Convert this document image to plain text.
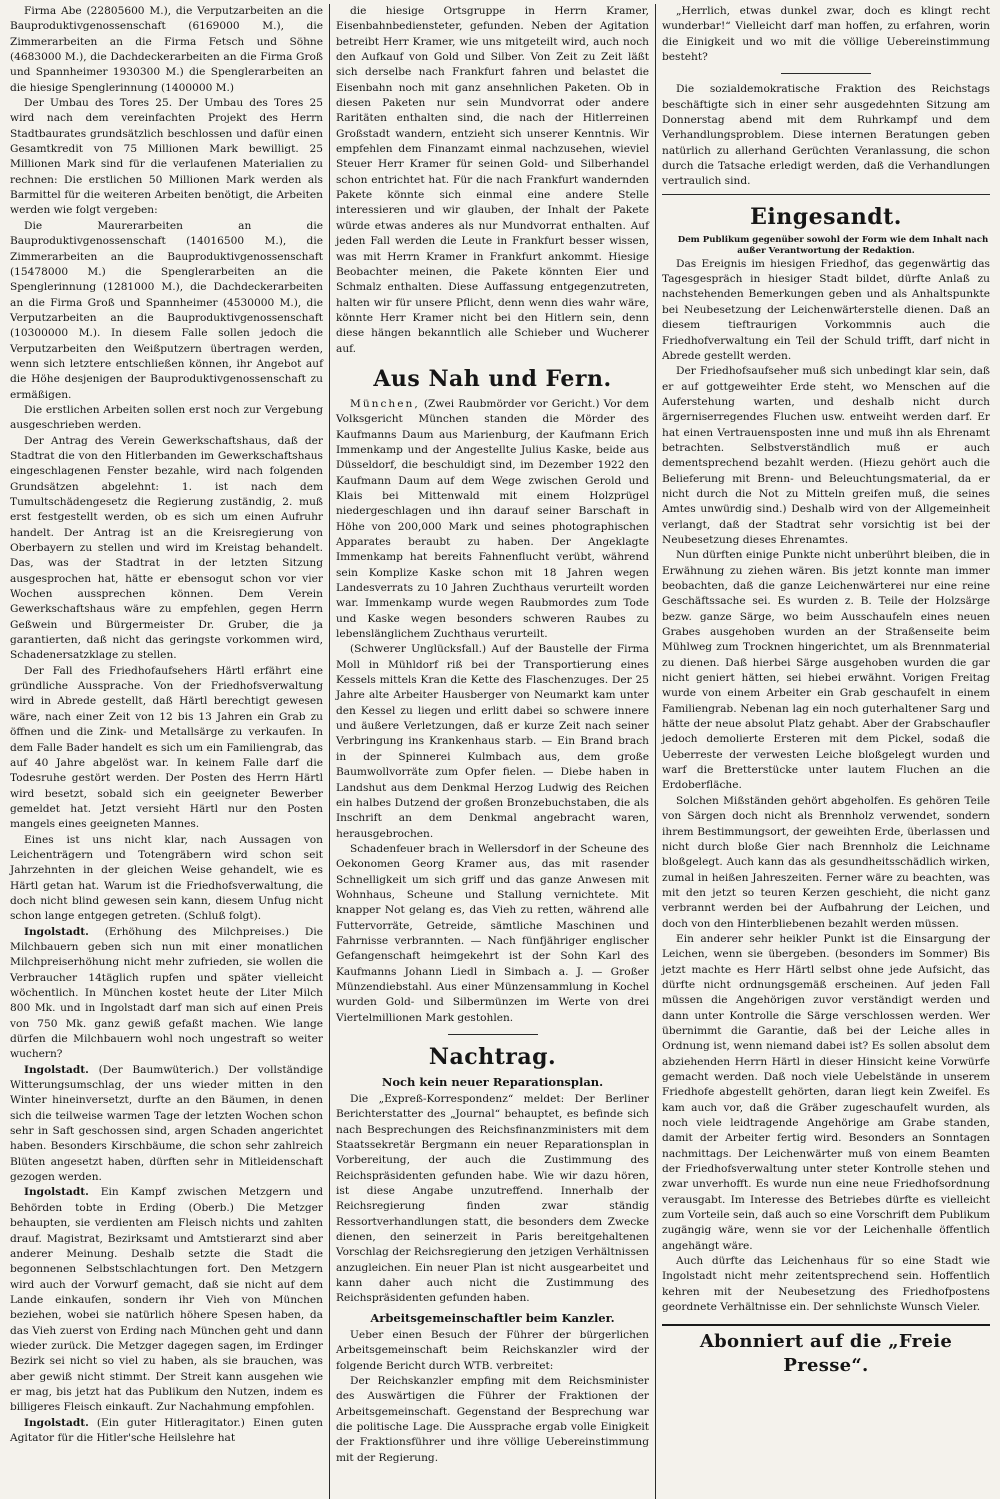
Firma Abe (22805600 M.), die Verputzarbeiten an die Bauproduktivgenossenschaft (6169000 M.), die Zimmerarbeiten an die Firma Fetsch und Söhne (4683000 M.), die Dachdeckerarbeiten an die Firma Groß und Spannheimer 1930300 M.) die Spenglerarbeiten an die hiesige Spenglerinnung (1400000 M.)

Der Umbau des Tores 25. Der Umbau des Tores 25 wird nach dem vereinfachten Projekt des Herrn Stadtbaurates grundsätzlich beschlossen und dafür einen Gesamtkredit von 75 Millionen Mark bewilligt. 25 Millionen Mark sind für die verlaufenen Materialien zu rechnen: Die erstlichen 50 Millionen Mark werden als Barmittel für die weiteren Arbeiten benötigt, die Arbeiten werden wie folgt vergeben:

Die Maurerarbeiten an die Bauproduktivgenossenschaft (14016500 M.), die Zimmerarbeiten an die Bauproduktivgenossenschaft (15478000 M.) die Spenglerarbeiten an die Spenglerinnung (1281000 M.), die Dachdeckerarbeiten an die Firma Groß und Spannheimer (4530000 M.), die Verputzarbeiten an die Bauproduktivgenossenschaft (10300000 M.). In diesem Falle sollen jedoch die Verputzarbeiten den Weißputzern übertragen werden, wenn sich letztere entschließen können, ihr Angebot auf die Höhe desjenigen der Bauproduktivgenossenschaft zu ermäßigen.

Die erstlichen Arbeiten sollen erst noch zur Vergebung ausgeschrieben werden.

Der Antrag des Verein Gewerkschaftshaus, daß der Stadtrat die von den Hitlerbanden im Gewerkschaftshaus eingeschlagenen Fenster bezahle, wird nach folgenden Grundsätzen abgelehnt: 1. ist nach dem Tumultschädengesetz die Regierung zuständig, 2. muß erst festgestellt werden, ob es sich um einen Aufruhr handelt. Der Antrag ist an die Kreisregierung von Oberbayern zu stellen und wird im Kreistag behandelt. Das, was der Stadtrat in der letzten Sitzung ausgesprochen hat, hätte er ebensogut schon vor vier Wochen aussprechen können. Dem Verein Gewerkschaftshaus wäre zu empfehlen, gegen Herrn Geßwein und Bürgermeister Dr. Gruber, die ja garantierten, daß nicht das geringste vorkommen wird, Schadenersatzklage zu stellen.

Der Fall des Friedhofaufsehers Härtl erfährt eine gründliche Aussprache. Von der Friedhofsverwaltung wird in Abrede gestellt, daß Härtl berechtigt gewesen wäre, nach einer Zeit von 12 bis 13 Jahren ein Grab zu öffnen und die Zink- und Metallsärge zu verkaufen. In dem Falle Bader handelt es sich um ein Familiengrab, das auf 40 Jahre abgelöst war. In keinem Falle darf die Todesruhe gestört werden. Der Posten des Herrn Härtl wird besetzt, sobald sich ein geeigneter Bewerber gemeldet hat. Jetzt versieht Härtl nur den Posten mangels eines geeigneten Mannes.

Eines ist uns nicht klar, nach Aussagen von Leichenträgern und Totengräbern wird schon seit Jahrzehnten in der gleichen Weise gehandelt, wie es Härtl getan hat. Warum ist die Friedhofsverwaltung, die doch nicht blind gewesen sein kann, diesem Unfug nicht schon lange entgegen getreten. (Schluß folgt).

Ingolstadt. (Erhöhung des Milchpreises.) Die Milchbauern geben sich nun mit einer monatlichen Milchpreiserhöhung nicht mehr zufrieden, sie wollen die Verbraucher 14täglich rupfen und später vielleicht wöchentlich. In München kostet heute der Liter Milch 800 Mk. und in Ingolstadt darf man sich auf einen Preis von 750 Mk. ganz gewiß gefaßt machen. Wie lange dürfen die Milchbauern wohl noch ungestraft so weiter wuchern?

Ingolstadt. (Der Baumwüterich.) Der vollständige Witterungsumschlag, der uns wieder mitten in den Winter hineinversetzt, durfte an den Bäumen, in denen sich die teilweise warmen Tage der letzten Wochen schon sehr in Saft geschossen sind, argen Schaden angerichtet haben. Besonders Kirschbäume, die schon sehr zahlreich Blüten angesetzt haben, dürften sehr in Mitleidenschaft gezogen werden.

Ingolstadt. Ein Kampf zwischen Metzgern und Behörden tobte in Erding (Oberb.) Die Metzger behaupten, sie verdienten am Fleisch nichts und zahlten drauf. Magistrat, Bezirksamt und Amtstierarzt sind aber anderer Meinung. Deshalb setzte die Stadt die begonnenen Selbstschlachtungen fort. Den Metzgern wird auch der Vorwurf gemacht, daß sie nicht auf dem Lande einkaufen, sondern ihr Vieh von München beziehen, wobei sie natürlich höhere Spesen haben, da das Vieh zuerst von Erding nach München geht und dann wieder zurück. Die Metzger dagegen sagen, im Erdinger Bezirk sei nicht so viel zu haben, als sie brauchen, was aber gewiß nicht stimmt. Der Streit kann ausgehen wie er mag, bis jetzt hat das Publikum den Nutzen, indem es billigeres Fleisch einkauft. Zur Nachahmung empfohlen.

Ingolstadt. (Ein guter Hitleragitator.) Einen guten Agitator für die Hitler'sche Heilslehre hat

die hiesige Ortsgruppe in Herrn Kramer, Eisenbahnbediensteter, gefunden. Neben der Agitation betreibt Herr Kramer, wie uns mitgeteilt wird, auch noch den Aufkauf von Gold und Silber. Von Zeit zu Zeit läßt sich derselbe nach Frankfurt fahren und belastet die Eisenbahn noch mit ganz ansehnlichen Paketen. Ob in diesen Paketen nur sein Mundvorrat oder andere Raritäten enthalten sind, die nach der Hitlerreinen Großstadt wandern, entzieht sich unserer Kenntnis. Wir empfehlen dem Finanzamt einmal nachzusehen, wieviel Steuer Herr Kramer für seinen Gold- und Silberhandel schon entrichtet hat. Für die nach Frankfurt wandernden Pakete könnte sich einmal eine andere Stelle interessieren und wir glauben, der Inhalt der Pakete würde etwas anderes als nur Mundvorrat enthalten. Auf jeden Fall werden die Leute in Frankfurt besser wissen, was mit Herrn Kramer in Frankfurt ankommt. Hiesige Beobachter meinen, die Pakete könnten Eier und Schmalz enthalten. Diese Auffassung entgegenzutreten, halten wir für unsere Pflicht, denn wenn dies wahr wäre, könnte Herr Kramer nicht bei den Hitlern sein, denn diese hängen bekanntlich alle Schieber und Wucherer auf.

Aus Nah und Fern.

München, (Zwei Raubmörder vor Gericht.) Vor dem Volksgericht München standen die Mörder des Kaufmanns Daum aus Marienburg, der Kaufmann Erich Immenkamp und der Angestellte Julius Kaske, beide aus Düsseldorf, die beschuldigt sind, im Dezember 1922 den Kaufmann Daum auf dem Wege zwischen Gerold und Klais bei Mittenwald mit einem Holzprügel niedergeschlagen und ihn darauf seiner Barschaft in Höhe von 200,000 Mark und seines photographischen Apparates beraubt zu haben. Der Angeklagte Immenkamp hat bereits Fahnenflucht verübt, während sein Komplize Kaske schon mit 18 Jahren wegen Landesverrats zu 10 Jahren Zuchthaus verurteilt worden war. Immenkamp wurde wegen Raubmordes zum Tode und Kaske wegen besonders schweren Raubes zu lebenslänglichem Zuchthaus verurteilt.

(Schwerer Unglücksfall.) Auf der Baustelle der Firma Moll in Mühldorf riß bei der Transportierung eines Kessels mittels Kran die Kette des Flaschenzuges. Der 25 Jahre alte Arbeiter Hausberger von Neumarkt kam unter den Kessel zu liegen und erlitt dabei so schwere innere und äußere Verletzungen, daß er kurze Zeit nach seiner Verbringung ins Krankenhaus starb. — Ein Brand brach in der Spinnerei Kulmbach aus, dem große Baumwollvorräte zum Opfer fielen. — Diebe haben in Landshut aus dem Denkmal Herzog Ludwig des Reichen ein halbes Dutzend der großen Bronzebuchstaben, die als Inschrift an dem Denkmal angebracht waren, herausgebrochen.

Schadenfeuer brach in Wellersdorf in der Scheune des Oekonomen Georg Kramer aus, das mit rasender Schnelligkeit um sich griff und das ganze Anwesen mit Wohnhaus, Scheune und Stallung vernichtete. Mit knapper Not gelang es, das Vieh zu retten, während alle Futtervorräte, Getreide, sämtliche Maschinen und Fahrnisse verbrannten. — Nach fünfjähriger englischer Gefangenschaft heimgekehrt ist der Sohn Karl des Kaufmanns Johann Liedl in Simbach a. J. — Großer Münzendiebstahl. Aus einer Münzensammlung in Kochel wurden Gold- und Silbermünzen im Werte von drei Viertelmillionen Mark gestohlen.

Nachtrag.
Noch kein neuer Reparationsplan.

Die „Expreß-Korrespondenz“ meldet: Der Berliner Berichterstatter des „Journal“ behauptet, es befinde sich nach Besprechungen des Reichsfinanzministers mit dem Staatssekretär Bergmann ein neuer Reparationsplan in Vorbereitung, der auch die Zustimmung des Reichspräsidenten gefunden habe. Wie wir dazu hören, ist diese Angabe unzutreffend. Innerhalb der Reichsregierung finden zwar ständig Ressortverhandlungen statt, die besonders dem Zwecke dienen, den seinerzeit in Paris bereitgehaltenen Vorschlag der Reichsregierung den jetzigen Verhältnissen anzugleichen. Ein neuer Plan ist nicht ausgearbeitet und kann daher auch nicht die Zustimmung des Reichspräsidenten gefunden haben.

Arbeitsgemeinschaftler beim Kanzler.

Ueber einen Besuch der Führer der bürgerlichen Arbeitsgemeinschaft beim Reichskanzler wird der folgende Bericht durch WTB. verbreitet:

Der Reichskanzler empfing mit dem Reichsminister des Auswärtigen die Führer der Fraktionen der Arbeitsgemeinschaft. Gegenstand der Besprechung war die politische Lage. Die Aussprache ergab volle Einigkeit der Fraktionsführer und ihre völlige Uebereinstimmung mit der Regierung.

„Herrlich, etwas dunkel zwar, doch es klingt recht wunderbar!“ Vielleicht darf man hoffen, zu erfahren, worin die Einigkeit und wo mit die völlige Uebereinstimmung besteht?

Die sozialdemokratische Fraktion des Reichstags beschäftigte sich in einer sehr ausgedehnten Sitzung am Donnerstag abend mit dem Ruhrkampf und dem Verhandlungsproblem. Diese internen Beratungen geben natürlich zu allerhand Gerüchten Veranlassung, die schon durch die Tatsache erledigt werden, daß die Verhandlungen vertraulich sind.

Eingesandt.

Dem Publikum gegenüber sowohl der Form wie dem Inhalt nach außer Verantwortung der Redaktion.

Das Ereignis im hiesigen Friedhof, das gegenwärtig das Tagesgespräch in hiesiger Stadt bildet, dürfte Anlaß zu nachstehenden Bemerkungen geben und als Anhaltspunkte bei Neubesetzung der Leichenwärterstelle dienen. Daß an diesem tieftraurigen Vorkommnis auch die Friedhofverwaltung ein Teil der Schuld trifft, darf nicht in Abrede gestellt werden.

Der Friedhofsaufseher muß sich unbedingt klar sein, daß er auf gottgeweihter Erde steht, wo Menschen auf die Auferstehung warten, und deshalb nicht durch ärgerniserregendes Fluchen usw. entweiht werden darf. Er hat einen Vertrauensposten inne und muß ihn als Ehrenamt betrachten. Selbstverständlich muß er auch dementsprechend bezahlt werden. (Hiezu gehört auch die Belieferung mit Brenn- und Beleuchtungsmaterial, da er nicht durch die Not zu Mitteln greifen muß, die seines Amtes unwürdig sind.) Deshalb wird von der Allgemeinheit verlangt, daß der Stadtrat sehr vorsichtig ist bei der Neubesetzung dieses Ehrenamtes.

Nun dürften einige Punkte nicht unberührt bleiben, die in Erwähnung zu ziehen wären. Bis jetzt konnte man immer beobachten, daß die ganze Leichenwärterei nur eine reine Geschäftssache sei. Es wurden z. B. Teile der Holzsärge bezw. ganze Särge, wo beim Ausschaufeln eines neuen Grabes ausgehoben wurden an der Straßenseite beim Mühlweg zum Trocknen hingerichtet, um als Brennmaterial zu dienen. Daß hierbei Särge ausgehoben wurden die gar nicht geniert hätten, sei hiebei erwähnt. Vorigen Freitag wurde von einem Arbeiter ein Grab geschaufelt in einem Familiengrab. Nebenan lag ein noch guterhaltener Sarg und hätte der neue absolut Platz gehabt. Aber der Grabschaufler jedoch demolierte Ersteren mit dem Pickel, sodaß die Ueberreste der verwesten Leiche bloßgelegt wurden und warf die Bretterstücke unter lautem Fluchen an die Erdoberfläche.

Solchen Mißständen gehört abgeholfen. Es gehören Teile von Särgen doch nicht als Brennholz verwendet, sondern ihrem Bestimmungsort, der geweihten Erde, überlassen und nicht durch bloße Gier nach Brennholz die Leichname bloßgelegt. Auch kann das als gesundheitsschädlich wirken, zumal in heißen Jahreszeiten. Ferner wäre zu beachten, was mit den jetzt so teuren Kerzen geschieht, die nicht ganz verbrannt werden bei der Aufbahrung der Leichen, und doch von den Hinterbliebenen bezahlt werden müssen.

Ein anderer sehr heikler Punkt ist die Einsargung der Leichen, wenn sie übergeben. (besonders im Sommer) Bis jetzt machte es Herr Härtl selbst ohne jede Aufsicht, das dürfte nicht ordnungsgemäß erscheinen. Auf jeden Fall müssen die Angehörigen zuvor verständigt werden und dann unter Kontrolle die Särge verschlossen werden. Wer übernimmt die Garantie, daß bei der Leiche alles in Ordnung ist, wenn niemand dabei ist? Es sollen absolut dem abziehenden Herrn Härtl in dieser Hinsicht keine Vorwürfe gemacht werden. Daß noch viele Uebelstände in unserem Friedhofe abgestellt gehörten, daran liegt kein Zweifel. Es kam auch vor, daß die Gräber zugeschaufelt wurden, als noch viele leidtragende Angehörige am Grabe standen, damit der Arbeiter fertig wird. Besonders an Sonntagen nachmittags. Der Leichenwärter muß von einem Beamten der Friedhofsverwaltung unter steter Kontrolle stehen und zwar unverhofft. Es wurde nun eine neue Friedhofsordnung verausgabt. Im Interesse des Betriebes dürfte es vielleicht zum Vorteile sein, daß auch so eine Vorschrift dem Publikum zugängig wäre, wenn sie vor der Leichenhalle öffentlich angehängt wäre.

Auch dürfte das Leichenhaus für so eine Stadt wie Ingolstadt nicht mehr zeitentsprechend sein. Hoffentlich kehren mit der Neubesetzung des Friedhofpostens geordnete Verhältnisse ein. Der sehnlichste Wunsch Vieler.

Abonniert auf die „Freie Presse“.
